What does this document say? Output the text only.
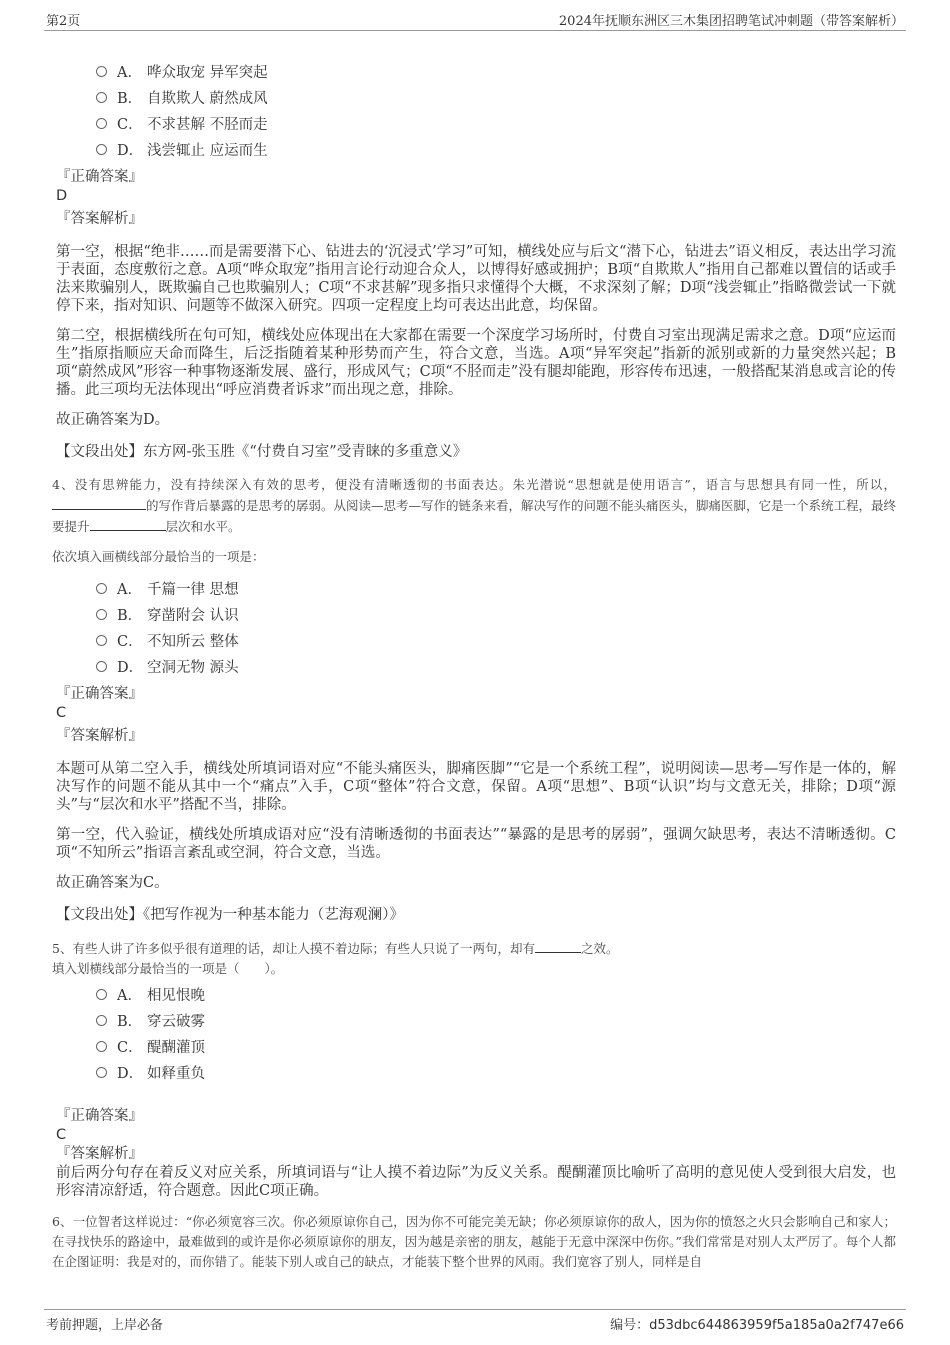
第2页	2024年抚顺东洲区三木集团招聘笔试冲刺题（带答案解析）
A． 哗众取宠 异军突起
B． 自欺欺人 蔚然成风
C． 不求甚解 不胫而走
D． 浅尝辄止 应运而生
『正确答案』
D
『答案解析』

第一空，根据“绝非……而是需要潜下心、钻进去的‘沉浸式’学习”可知，横线处应与后文“潜下心，钻进去”语义相反，表达出学习流于表面，态度敷衍之意。A项“哗众取宠”指用言论行动迎合众人，以博得好感或拥护；B项“自欺欺人”指用自己都难以置信的话或手法来欺骗别人，既欺骗自己也欺骗别人；C项“不求甚解”现多指只求懂得个大概，不求深刻了解；D项“浅尝辄止”指略微尝试一下就停下来，指对知识、问题等不做深入研究。四项一定程度上均可表达出此意，均保留。

第二空，根据横线所在句可知，横线处应体现出在大家都在需要一个深度学习场所时，付费自习室出现满足需求之意。D项“应运而生”指原指顺应天命而降生，后泛指随着某种形势而产生，符合文意，当选。A项“异军突起”指新的派别或新的力量突然兴起；B项“蔚然成风”形容一种事物逐渐发展、盛行，形成风气；C项“不胫而走”没有腿却能跑，形容传布迅速，一般搭配某消息或言论的传播。此三项均无法体现出“呼应消费者诉求”而出现之意，排除。

故正确答案为D。

【文段出处】东方网-张玉胜《“付费自习室”受青睐的多重意义》

4、没有思辨能力，没有持续深入有效的思考，便没有清晰透彻的书面表达。朱光潜说“思想就是使用语言”，语言与思想具有同一性，所以，的写作背后暴露的是思考的孱弱。从阅读—思考—写作的链条来看，解决写作的问题不能头痛医头，脚痛医脚，它是一个系统工程，最终要提升	层次和水平。

依次填入画横线部分最恰当的一项是：

A． 千篇一律 思想
B． 穿凿附会 认识
C． 不知所云 整体
D． 空洞无物 源头
『正确答案』
C
『答案解析』

本题可从第二空入手，横线处所填词语对应“不能头痛医头，脚痛医脚”“它是一个系统工程”，说明阅读—思考—写作是一体的，解决写作的问题不能从其中一个“痛点”入手，C项“整体”符合文意，保留。A项“思想”、B项“认识”均与文意无关，排除；D项“源头”与“层次和水平”搭配不当，排除。

第一空，代入验证，横线处所填成语对应“没有清晰透彻的书面表达”“暴露的是思考的孱弱”，强调欠缺思考，表达不清晰透彻。C项“不知所云”指语言紊乱或空洞，符合文意，当选。

故正确答案为C。

【文段出处】《把写作视为一种基本能力（艺海观澜）》

5、有些人讲了许多似乎很有道理的话，却让人摸不着边际；有些人只说了一两句，却有	之效。

填入划横线部分最恰当的一项是（　　）。

A． 相见恨晚
B． 穿云破雾
C． 醍醐灌顶
D． 如释重负
『正确答案』
C
『答案解析』

前后两分句存在着反义对应关系，所填词语与“让人摸不着边际”为反义关系。醍醐灌顶比喻听了高明的意见使人受到很大启发，也形容清凉舒适，符合题意。因此C项正确。

6、一位智者这样说过：“你必须宽容三次。你必须原谅你自己，因为你不可能完美无缺；你必须原谅你的敌人，因为你的愤怒之火只会影响自己和家人；在寻找快乐的路途中，最难做到的或许是你必须原谅你的朋友，因为越是亲密的朋友，越能于无意中深深中伤你。”我们常常是对别人太严厉了。每个人都在企图证明：我是对的，而你错了。能装下别人或自己的缺点，才能装下整个世界的风雨。我们宽容了别人，同样是自

考前押题，上岸必备	编号：d53dbc644863959f5a185a0a2f747e66
